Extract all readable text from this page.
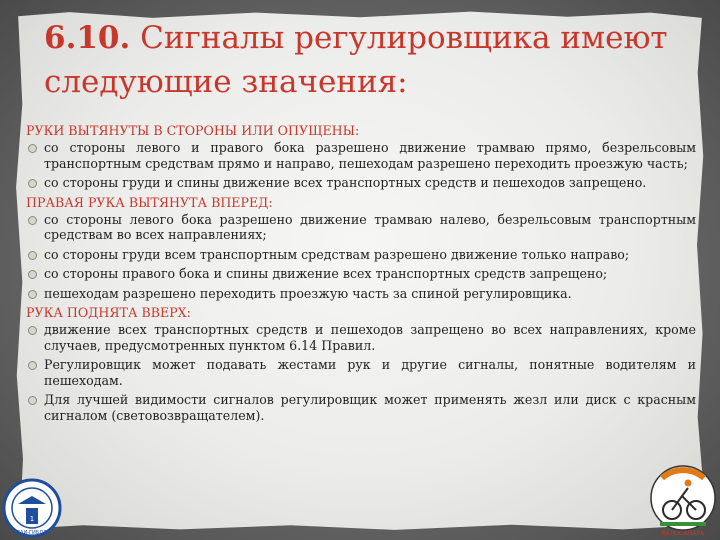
6.10. Сигналы регулировщика имеют следующие значения:
РУКИ ВЫТЯНУТЫ В СТОРОНЫ ИЛИ ОПУЩЕНЫ:
со стороны левого и правого бока разрешено движение трамваю прямо, безрельсовым транспортным средствам прямо и направо, пешеходам разрешено переходить проезжую часть;
со стороны груди и спины движение всех транспортных средств и пешеходов запрещено.
ПРАВАЯ РУКА ВЫТЯНУТА ВПЕРЕД:
со стороны левого бока разрешено движение трамваю налево, безрельсовым транспортным средствам во всех направлениях;
со стороны груди всем транспортным средствам разрешено движение только направо;
со стороны правого бока и спины движение всех транспортных средств запрещено;
пешеходам разрешено переходить проезжую часть за спиной регулировщика.
РУКА ПОДНЯТА ВВЕРХ:
движение всех транспортных средств и пешеходов запрещено во всех направлениях, кроме случаев, предусмотренных пунктом 6.14 Правил.
Регулировщик может подавать жестами рук и другие сигналы, понятные водителям и пешеходам.
Для лучшей видимости сигналов регулировщик может применять жезл или диск с красным сигналом (световозвращателем).
1
ГАИ-ГИБДД	ВЕЛОСАМАРА
